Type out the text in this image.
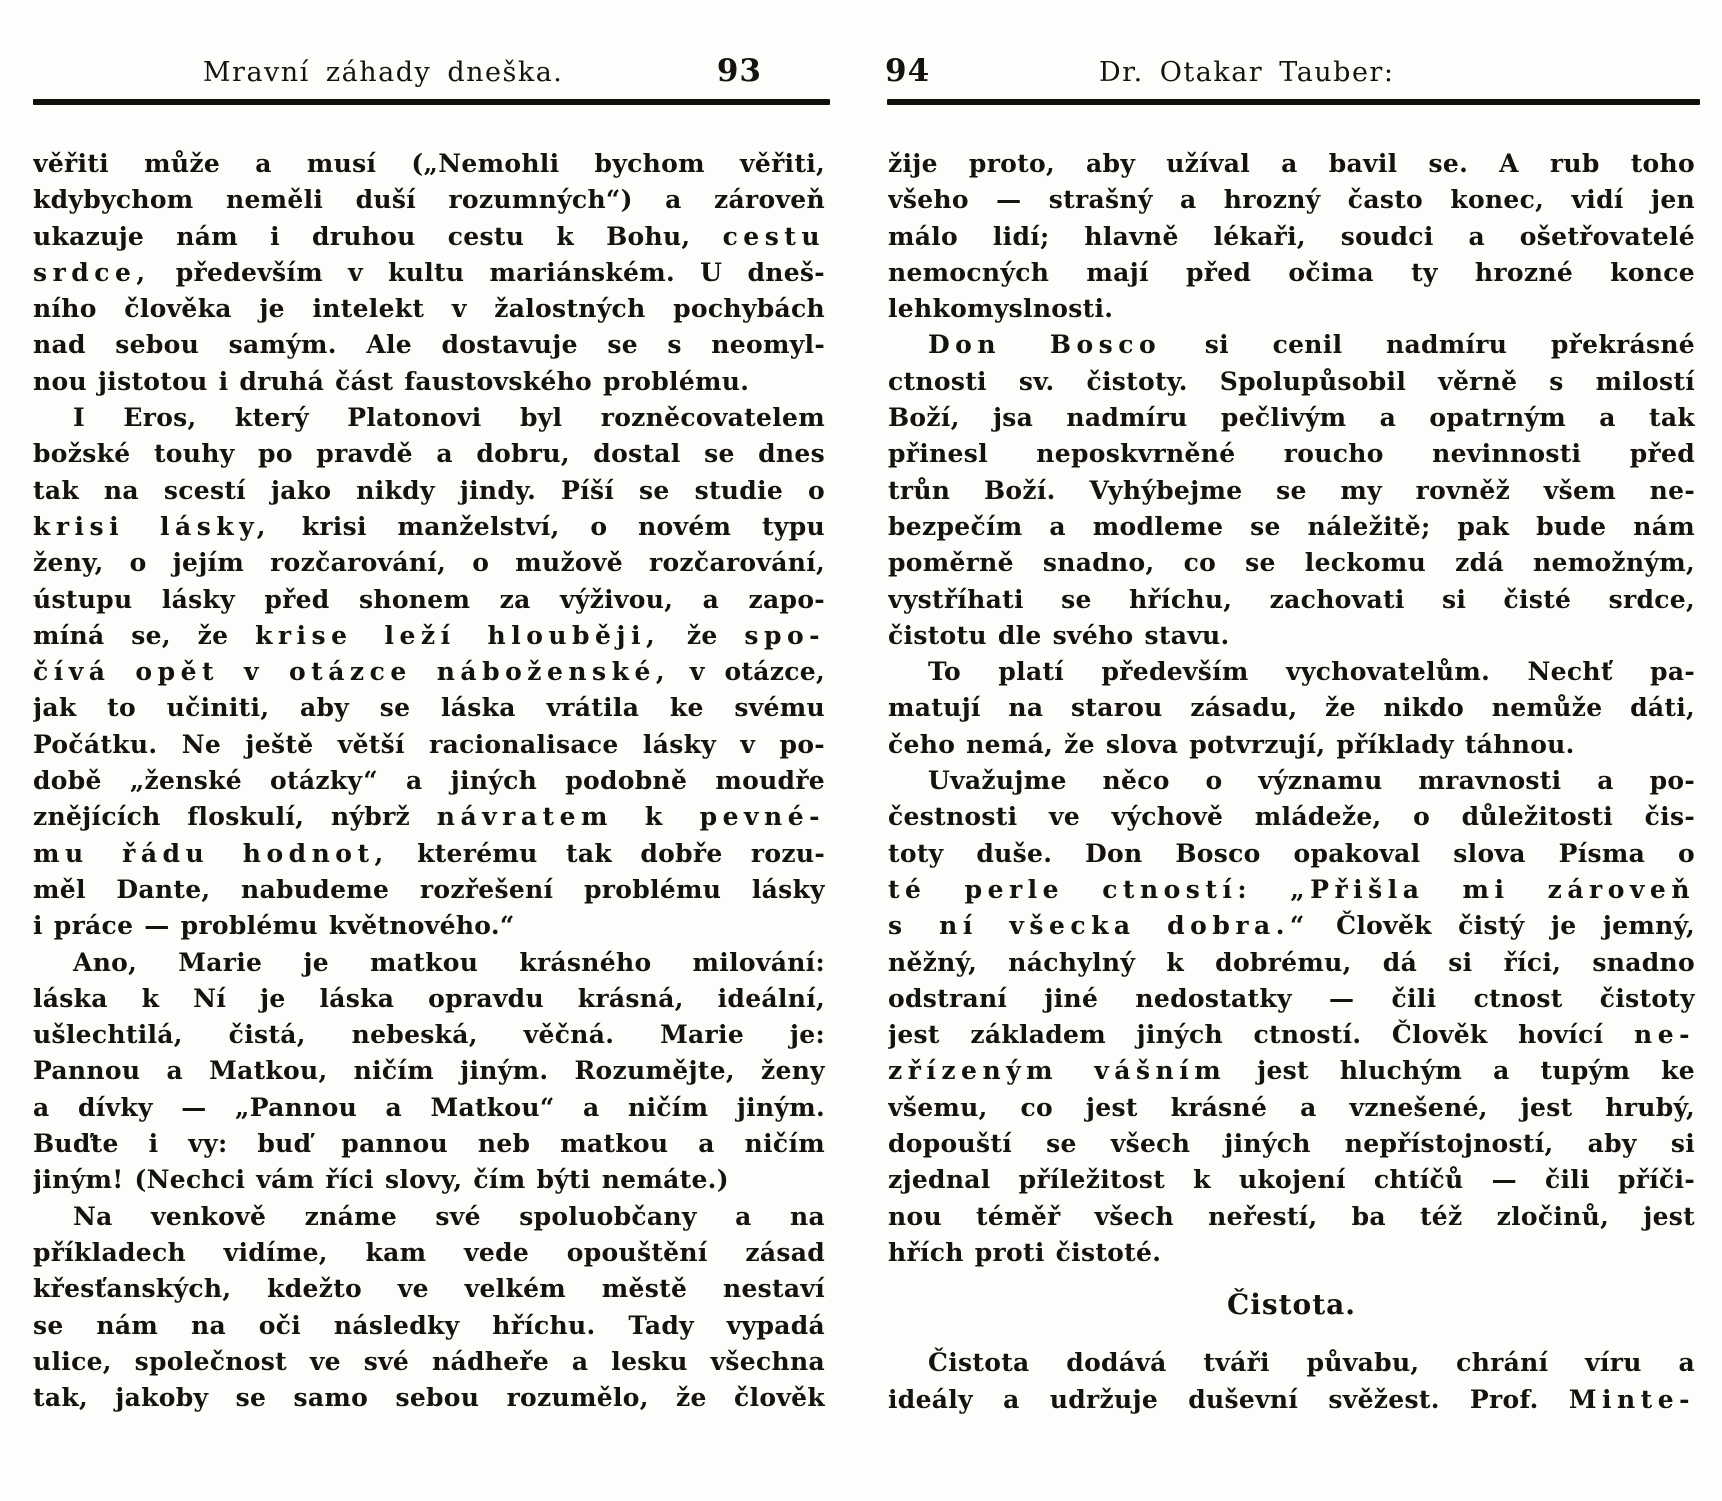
Mravní záhady dneška.	93
věřiti může a musí („Nemohli bychom věřiti,
kdybychom neměli duší rozumných“) a zároveň
ukazuje nám i druhou cestu k Bohu, cestu
srdce, především v kultu mariánském. U dneš-
ního člověka je intelekt v žalostných pochybách
nad sebou samým. Ale dostavuje se s neomyl-
nou jistotou i druhá část faustovského problému.
I Eros, který Platonovi byl rozněcovatelem
božské touhy po pravdě a dobru, dostal se dnes
tak na scestí jako nikdy jindy. Píší se studie o
krisi lásky, krisi manželství, o novém typu
ženy, o jejím rozčarování, o mužově rozčarování,
ústupu lásky před shonem za výživou, a zapo-
míná se, že krise leží hlouběji, že spo-
čívá opět v otázce náboženské, v otázce,
jak to učiniti, aby se láska vrátila ke svému
Počátku. Ne ještě větší racionalisace lásky v po-
době „ženské otázky“ a jiných podobně moudře
znějících floskulí, nýbrž návratem k pevné-
mu řádu hodnot, kterému tak dobře rozu-
měl Dante, nabudeme rozřešení problému lásky
i práce — problému květnového.“
Ano, Marie je matkou krásného milování:
láska k Ní je láska opravdu krásná, ideální,
ušlechtilá, čistá, nebeská, věčná. Marie je:
Pannou a Matkou, ničím jiným. Rozumějte, ženy
a dívky — „Pannou a Matkou“ a ničím jiným.
Buďte i vy: buď pannou neb matkou a ničím
jiným! (Nechci vám říci slovy, čím býti nemáte.)
Na venkově známe své spoluobčany a na
příkladech vidíme, kam vede opouštění zásad
křesťanských, kdežto ve velkém městě nestaví
se nám na oči následky hříchu. Tady vypadá
ulice, společnost ve své nádheře a lesku všechna
tak, jakoby se samo sebou rozumělo, že člověk
Dr. Otakar Tauber:
94
žije proto, aby užíval a bavil se. A rub toho
všeho — strašný a hrozný často konec, vidí jen
málo lidí; hlavně lékaři, soudci a ošetřovatelé
nemocných mají před očima ty hrozné konce
lehkomyslnosti.
Don Bosco si cenil nadmíru překrásné
ctnosti sv. čistoty. Spolupůsobil věrně s milostí
Boží, jsa nadmíru pečlivým a opatrným a tak
přinesl neposkvrněné roucho nevinnosti před
trůn Boží. Vyhýbejme se my rovněž všem ne-
bezpečím a modleme se náležitě; pak bude nám
poměrně snadno, co se leckomu zdá nemožným,
vystříhati se hříchu, zachovati si čisté srdce,
čistotu dle svého stavu.
To platí především vychovatelům. Nechť pa-
matují na starou zásadu, že nikdo nemůže dáti,
čeho nemá, že slova potvrzují, příklady táhnou.
Uvažujme něco o významu mravnosti a po-
čestnosti ve výchově mládeže, o důležitosti čis-
toty duše. Don Bosco opakoval slova Písma o
té perle ctností: „Přišla mi zároveň
s ní všecka dobra.“ Člověk čistý je jemný,
něžný, náchylný k dobrému, dá si říci, snadno
odstraní jiné nedostatky — čili ctnost čistoty
jest základem jiných ctností. Člověk hovící ne-
zřízeným vášním jest hluchým a tupým ke
všemu, co jest krásné a vznešené, jest hrubý,
dopouští se všech jiných nepřístojností, aby si
zjednal příležitost k ukojení chtíčů — čili příči-
nou téměř všech neřestí, ba též zločinů, jest
hřích proti čistoté.
Čistota.
Čistota dodává tváři půvabu, chrání víru a
ideály a udržuje duševní svěžest. Prof. Minte-
